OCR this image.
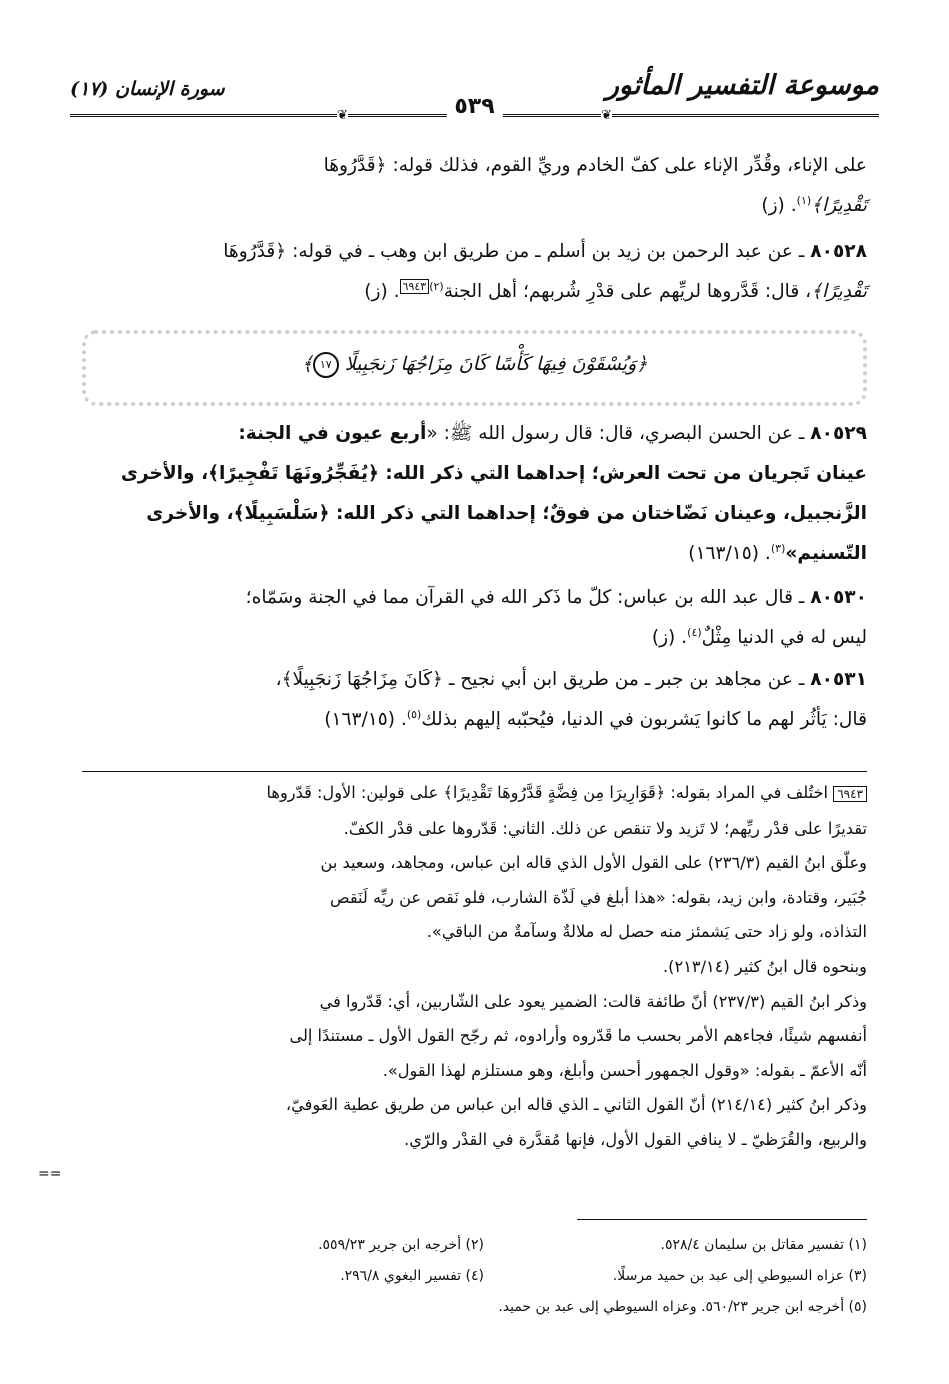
موسوعة التفسير المأثور
سورة الإنسان (١٧)
❦
❦	٥٣٩

على الإناء، وقُدِّر الإناء على كفّ الخادم وريِّ القوم، فذلك قوله: ﴿قَدَّرُوهَا

تَقْدِيرًا﴾$^{(١)}$. (ز)

٨٠٥٢٨ ـ عن عبد الرحمن بن زيد بن أسلم ـ من طريق ابن وهب ـ في قوله: ﴿قَدَّرُوهَا

تَقْدِيرًا﴾، قال: قَدَّروها لريِّهم على قدْرِ شُربهم؛ أهل الجنة$^{(٢)٦٩٤٣}$. (ز)

﴿وَيُسْقَوْنَ فِيهَا كَأْسًا كَانَ مِزَاجُهَا زَنجَبِيلًا ١٧﴾

٨٠٥٢٩ ـ عن الحسن البصري، قال: قال رسول الله ﷺ: «أربع عيون في الجنة:

عينان تَجريان من تحت العرش؛ إحداهما التي ذكر الله: ﴿يُفَجِّرُونَهَا تَفْجِيرًا﴾، والأخرى

الزَّنجبيل، وعينان نَضّاختان من فوقٌ؛ إحداهما التي ذكر الله: ﴿سَلْسَبِيلًا﴾، والأخرى

التّسنيم»$^{(٣)}$. (١٦٣/١٥)

٨٠٥٣٠ ـ قال عبد الله بن عباس: كلّ ما ذَكر الله في القرآن مما في الجنة وسَمّاه؛

ليس له في الدنيا مِثْلٌ$^{(٤)}$. (ز)

٨٠٥٣١ ـ عن مجاهد بن جبر ـ من طريق ابن أبي نجيح ـ ﴿كَانَ مِزَاجُهَا زَنجَبِيلًا﴾،

قال: يَأثُر لهم ما كانوا يَشربون في الدنيا، فيُحبّبه إليهم بذلك$^{(٥)}$. (١٦٣/١٥)

٦٩٤٣ اختُلف في المراد بقوله: ﴿قَوَارِيرَا مِن فِضَّةٍ قَدَّرُوهَا تَقْدِيرًا﴾ على قولين: الأول: قَدّروها

تقديرًا على قدْر ريِّهم؛ لا تَزيد ولا تنقص عن ذلك. الثاني: قَدّروها على قدْر الكفّ.

وعلّق ابنُ القيم (٢٣٦/٣) على القول الأول الذي قاله ابن عباس، ومجاهد، وسعيد بن

جُبَير، وقتادة، وابن زيد، بقوله: «هذا أبلغ في لَذّة الشارب، فلو نَقص عن ريِّه لَنَقص

التذاذه، ولو زاد حتى يَشمئز منه حصل له ملالةٌ وسآمةٌ من الباقي».

وبنحوه قال ابنُ كثير (٢١٣/١٤).

وذكر ابنُ القيم (٢٣٧/٣) أنّ طائفة قالت: الضمير يعود على الشّاربين، أي: قَدّروا في

أنفسهم شيئًا، فجاءهم الأمر بحسب ما قَدّروه وأرادوه، ثم رجّح القول الأول ـ مستندًا إلى

أنّه الأعمّ ـ بقوله: «وقول الجمهور أحسن وأبلغ، وهو مستلزم لهذا القول».

وذكر ابنُ كثير (٢١٤/١٤) أنّ القول الثاني ـ الذي قاله ابن عباس من طريق عطية العَوفيّ،

والربيع، والقُرَظيّ ـ لا ينافي القول الأول، فإنها مُقدَّرة في القدْر والرّي.

==
(١) تفسير مقاتل بن سليمان ٥٢٨/٤.
(٢) أخرجه ابن جرير ٥٥٩/٢٣.
(٣) عزاه السيوطي إلى عبد بن حميد مرسلًا.
(٤) تفسير البغوي ٢٩٦/٨.
(٥) أخرجه ابن جرير ٥٦٠/٢٣. وعزاه السيوطي إلى عبد بن حميد.
